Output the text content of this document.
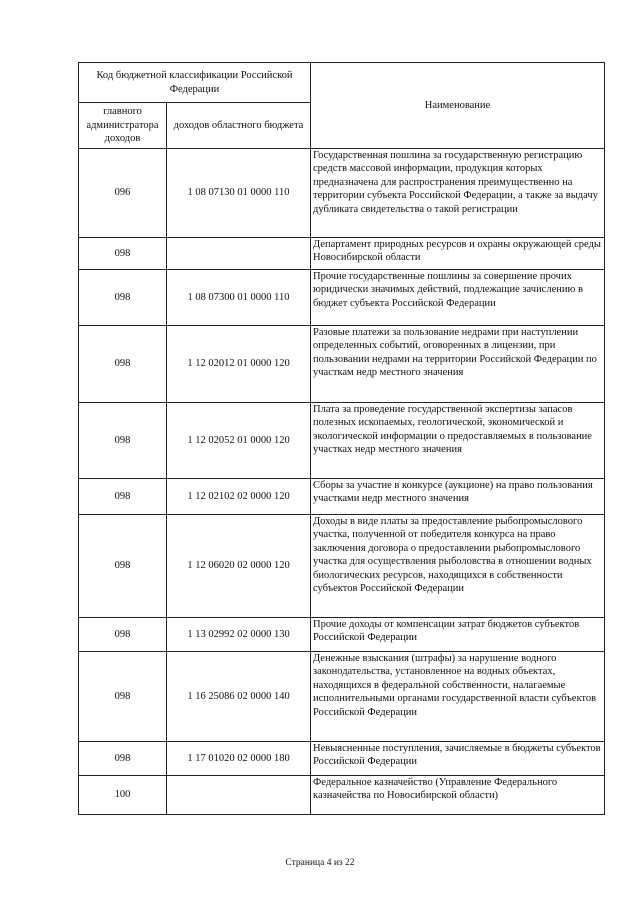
Код бюджетной классификации Российской Федерации		Наименование
главного администратора доходов	доходов областного бюджета	
096	1 08 07130 01 0000 110	Государственная пошлина за государственную регистрацию средств массовой информации, продукция которых предназначена для распространения преимущественно на территории субъекта Российской Федерации, а также за выдачу дубликата свидетельства о такой регистрации
098		Департамент природных ресурсов и охраны окружающей среды Новосибирской области
098	1 08 07300 01 0000 110	Прочие государственные пошлины за совершение прочих юридически значимых действий, подлежащие зачислению в бюджет субъекта Российской Федерации
098	1 12 02012 01 0000 120	Разовые платежи за пользование недрами при наступлении определенных событий, оговоренных в лицензии, при пользовании недрами на территории Российской Федерации по участкам недр местного значения
098	1 12 02052 01 0000 120	Плата за проведение государственной экспертизы запасов полезных ископаемых, геологической, экономической и экологической информации о предоставляемых в пользование участках недр местного значения
098	1 12 02102 02 0000 120	Сборы за участие в конкурсе (аукционе) на право пользования участками недр местного значения
098	1 12 06020 02 0000 120	Доходы в виде платы за предоставление рыбопромыслового участка, полученной от победителя конкурса на право заключения договора о предоставлении рыбопромыслового участка для осуществления рыболовства в отношении водных биологических ресурсов, находящихся в собственности субъектов Российской Федерации
098	1 13 02992 02 0000 130	Прочие доходы от компенсации затрат бюджетов субъектов Российской Федерации
098	1 16 25086 02 0000 140	Денежные взыскания (штрафы) за нарушение водного законодательства, установленное на водных объектах, находящихся в федеральной собственности, налагаемые исполнительными органами государственной власти субъектов Российской Федерации
098	1 17 01020 02 0000 180	Невыясненные поступления, зачисляемые в бюджеты субъектов Российской Федерации
100		Федеральное казначейство (Управление Федерального казначейства по Новосибирской области)
Страница 4 из 22
